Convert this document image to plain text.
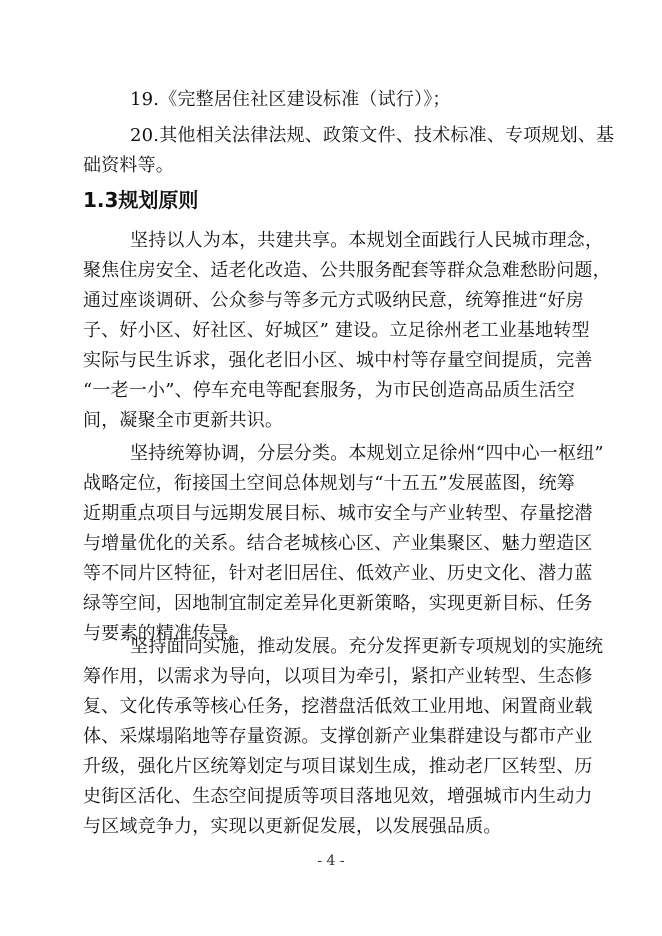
19.《完整居住社区建设标准（试行）》；
20.其他相关法律法规、政策文件、技术标准、专项规划、基
础资料等。
1.3规划原则
坚持以人为本，共建共享。本规划全面践行人民城市理念，
聚焦住房安全、适老化改造、公共服务配套等群众急难愁盼问题，
通过座谈调研、公众参与等多元方式吸纳民意，统筹推进“好房
子、好小区、好社区、好城区” 建设。立足徐州老工业基地转型
实际与民生诉求，强化老旧小区、城中村等存量空间提质，完善
“一老一小”、停车充电等配套服务，为市民创造高品质生活空
间，凝聚全市更新共识。
坚持统筹协调，分层分类。本规划立足徐州“四中心一枢纽”
战略定位，衔接国土空间总体规划与“十五五”发展蓝图，统筹
近期重点项目与远期发展目标、城市安全与产业转型、存量挖潜
与增量优化的关系。结合老城核心区、产业集聚区、魅力塑造区
等不同片区特征，针对老旧居住、低效产业、历史文化、潜力蓝
绿等空间，因地制宜制定差异化更新策略，实现更新目标、任务
与要素的精准传导。
坚持面向实施，推动发展。充分发挥更新专项规划的实施统
筹作用，以需求为导向，以项目为牵引，紧扣产业转型、生态修
复、文化传承等核心任务，挖潜盘活低效工业用地、闲置商业载
体、采煤塌陷地等存量资源。支撑创新产业集群建设与都市产业
升级，强化片区统筹划定与项目谋划生成，推动老厂区转型、历
史街区活化、生态空间提质等项目落地见效，增强城市内生动力
与区域竞争力，实现以更新促发展，以发展强品质。
- 4 -
